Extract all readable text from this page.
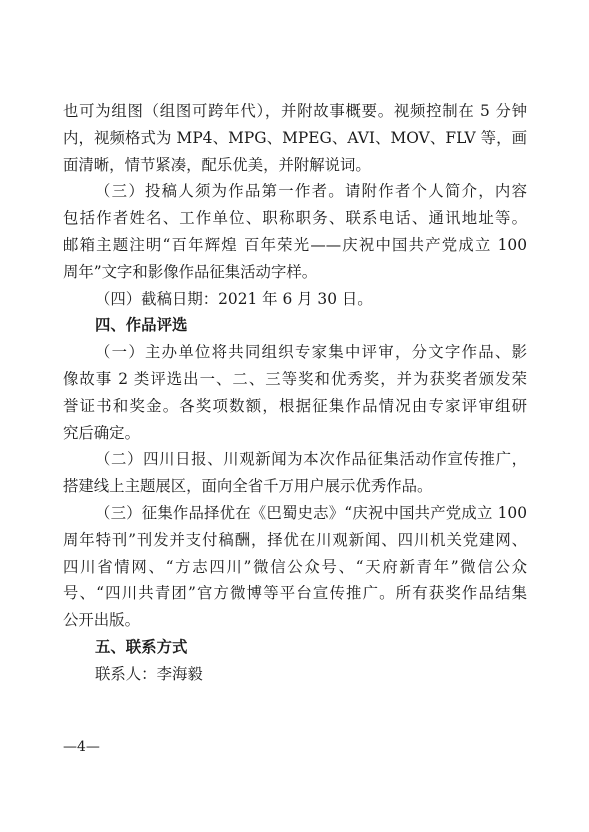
也可为组图（组图可跨年代），并附故事概要。视频控制在 5 分钟
内，视频格式为 MP4、MPG、MPEG、AVI、MOV、FLV 等，画
面清晰，情节紧凑，配乐优美，并附解说词。
（三）投稿人须为作品第一作者。请附作者个人简介，内容
包括作者姓名、工作单位、职称职务、联系电话、通讯地址等。
邮箱主题注明“百年辉煌 百年荣光——庆祝中国共产党成立 100
周年”文字和影像作品征集活动字样。
（四）截稿日期：2021 年 6 月 30 日。
四、作品评选
（一）主办单位将共同组织专家集中评审，分文字作品、影
像故事 2 类评选出一、二、三等奖和优秀奖，并为获奖者颁发荣
誉证书和奖金。各奖项数额，根据征集作品情况由专家评审组研
究后确定。
（二）四川日报、川观新闻为本次作品征集活动作宣传推广，
搭建线上主题展区，面向全省千万用户展示优秀作品。
（三）征集作品择优在《巴蜀史志》“庆祝中国共产党成立 100
周年特刊”刊发并支付稿酬，择优在川观新闻、四川机关党建网、
四川省情网、“方志四川”微信公众号、“天府新青年”微信公众
号、“四川共青团”官方微博等平台宣传推广。所有获奖作品结集
公开出版。
五、联系方式
联系人：李海毅
—4—
